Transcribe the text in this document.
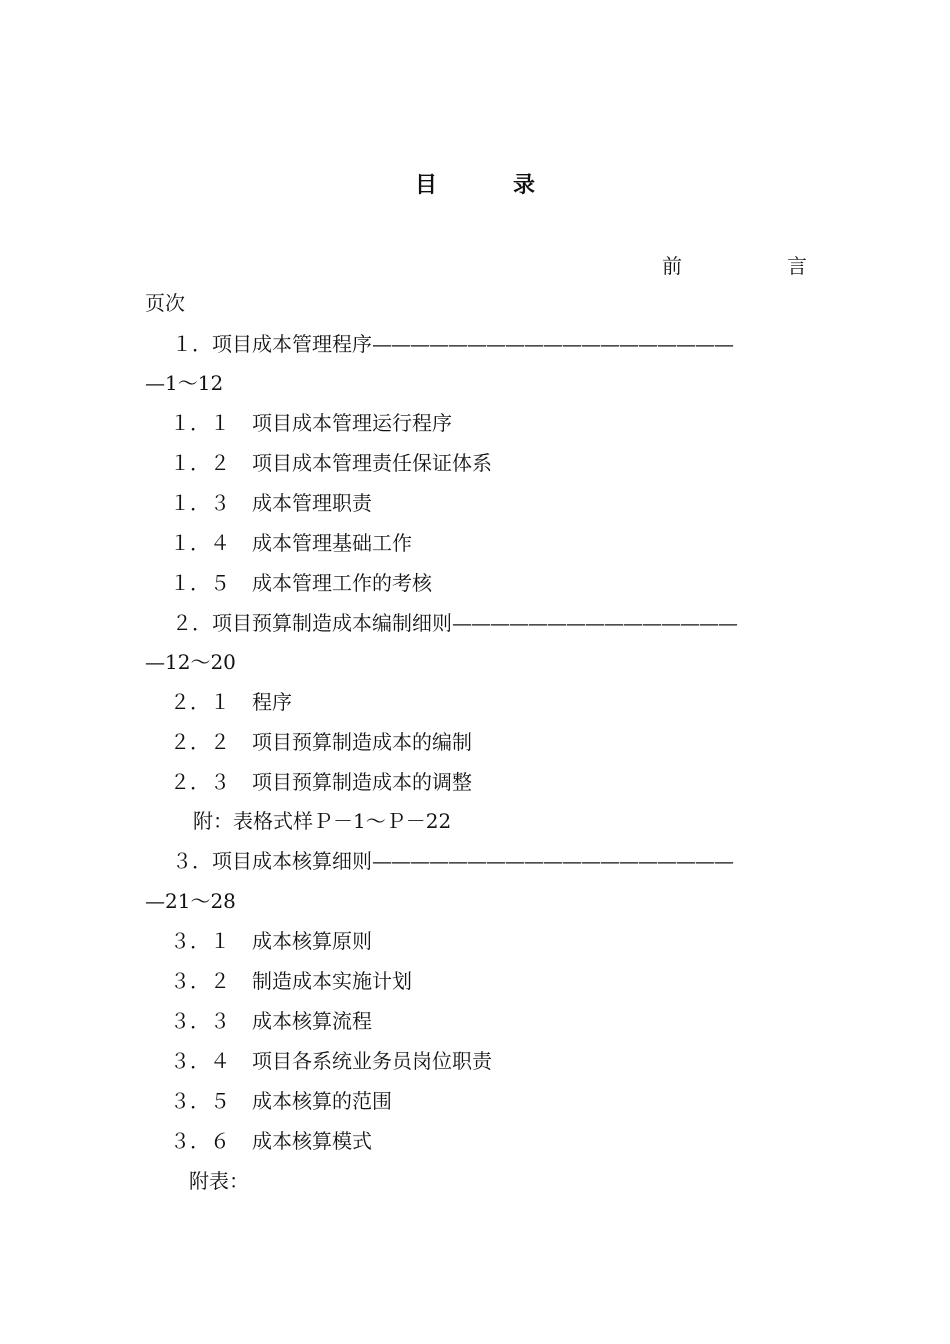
目	录
前	言
页次
１．项目成本管理程序———————————————————
—1～12
１．１ 项目成本管理运行程序
１．２ 项目成本管理责任保证体系
１．３ 成本管理职责
１．４ 成本管理基础工作
１．５ 成本管理工作的考核
２．项目预算制造成本编制细则———————————————
—12～20
２．１ 程序
２．２ 项目预算制造成本的编制
２．３ 项目预算制造成本的调整
附：表格式样Ｐ－1～Ｐ－22
３．项目成本核算细则———————————————————
—21～28
３．１ 成本核算原则
３．２ 制造成本实施计划
３．３ 成本核算流程
３．４ 项目各系统业务员岗位职责
３．５ 成本核算的范围
３．６ 成本核算模式
附表：
